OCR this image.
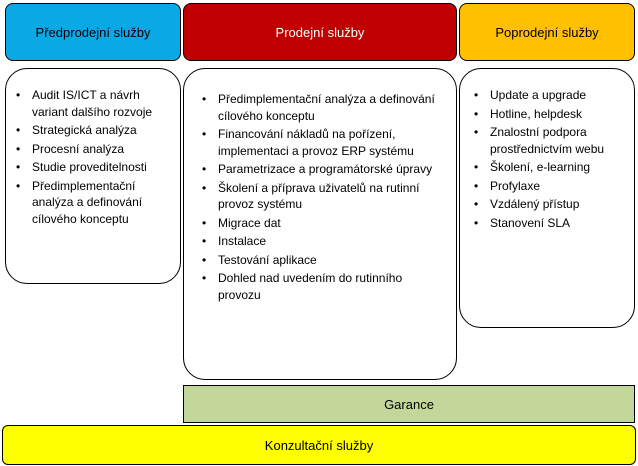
Předprodejní služby	Prodejní služby	Poprodejní služby
• Audit IS/ICT a návrh variant dalšího rozvoje
• Strategická analýza
• Procesní analýza
• Studie proveditelnosti
• Předimplementační analýza a definování cílového konceptu
• Předimplementační analýza a definování cílového konceptu
• Financování nákladů na pořízení, implementaci a provoz ERP systému
• Parametrizace a programátorské úpravy
• Školení a příprava uživatelů na rutinní provoz systému
• Migrace dat
• Instalace
• Testování aplikace
• Dohled nad uvedením do rutinního provozu
• Update a upgrade
• Hotline, helpdesk
• Znalostní podpora prostřednictvím webu
• Školení, e-learning
• Profylaxe
• Vzdálený přístup
• Stanovení SLA
Garance
Konzultační služby
